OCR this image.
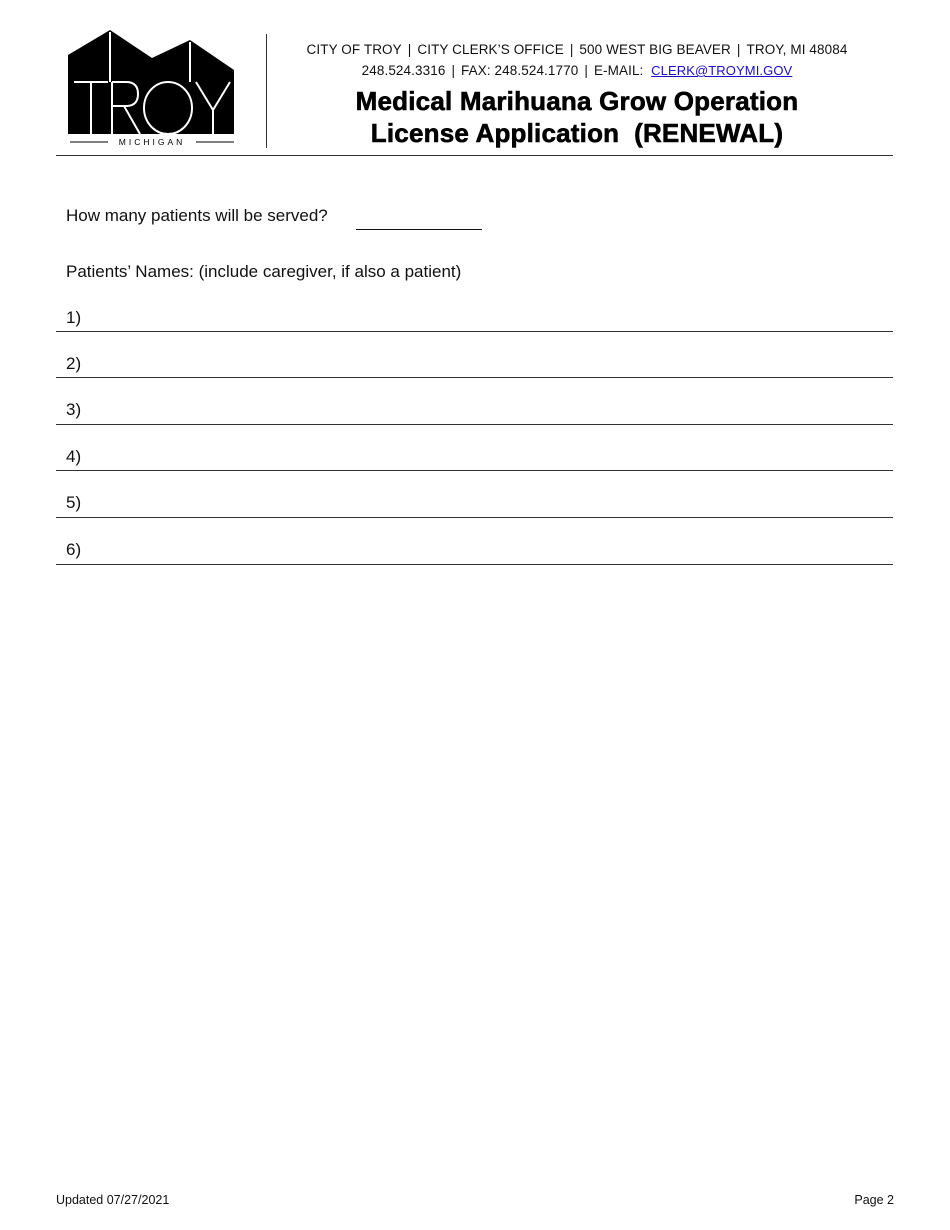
MICHIGAN
CITY OF TROY | CITY CLERK’S OFFICE | 500 WEST BIG BEAVER | TROY, MI 48084
248.524.3316 | FAX: 248.524.1770 | E-MAIL: CLERK@TROYMI.GOV
Medical Marihuana Grow Operation
License Application  (RENEWAL)
How many patients will be served?
Patients’ Names: (include caregiver, if also a patient)
1)
2)
3)
4)
5)
6)
Updated 07/27/2021	Page 2
